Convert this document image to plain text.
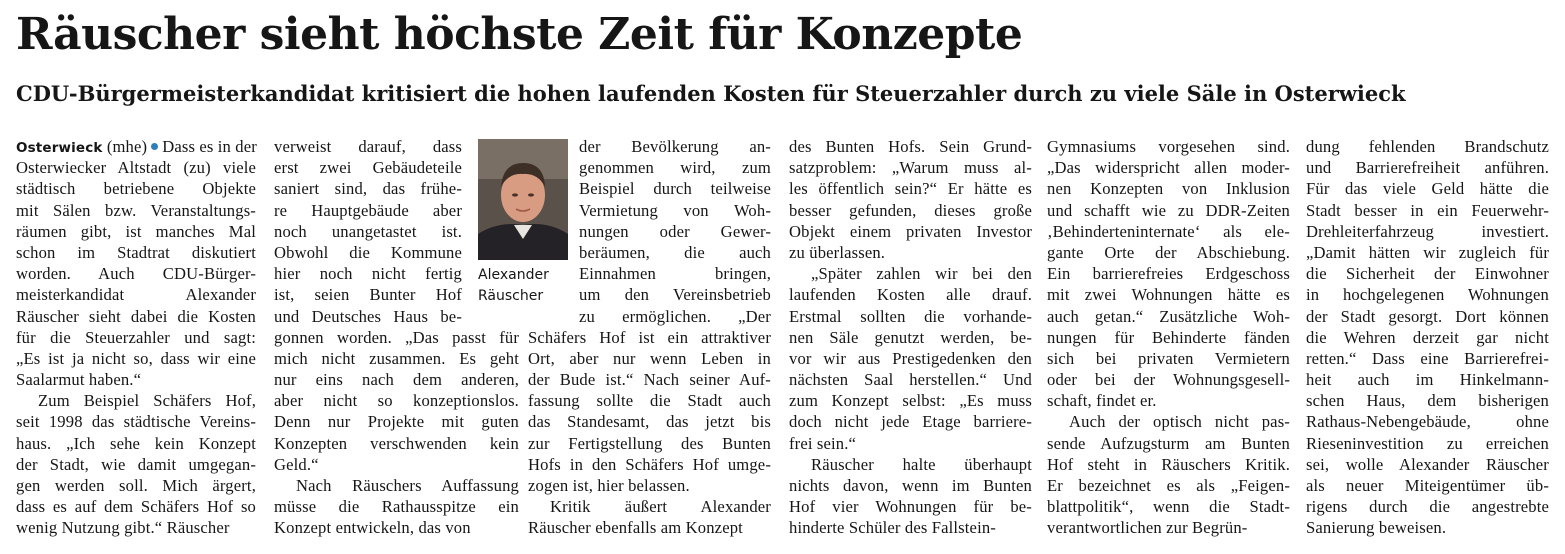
Räuscher sieht höchste Zeit für Konzepte
CDU-Bürgermeisterkandidat kritisiert die hohen laufenden Kosten für Steuerzahler durch zu viele Säle in Osterwieck
Osterwieck (mhe) Dass es in der
Osterwiecker Altstadt (zu) viele
städtisch betriebene Objekte
mit Sälen bzw. Veranstaltungs-
räumen gibt, ist manches Mal
schon im Stadtrat diskutiert
worden. Auch CDU-Bürger-
meisterkandidat Alexander
Räuscher sieht dabei die Kosten
für die Steuerzahler und sagt:
„Es ist ja nicht so, dass wir eine
Saalarmut haben.“
Zum Beispiel Schäfers Hof,
seit 1998 das städtische Vereins-
haus. „Ich sehe kein Konzept
der Stadt, wie damit umgegan-
gen werden soll. Mich ärgert,
dass es auf dem Schäfers Hof so
wenig Nutzung gibt.“ Räuscher
verweist darauf, dass
erst zwei Gebäudeteile
saniert sind, das frühe-
re Hauptgebäude aber
noch unangetastet ist.
Obwohl die Kommune
hier noch nicht fertig
ist, seien Bunter Hof
und Deutsches Haus be-
gonnen worden. „Das passt für
mich nicht zusammen. Es geht
nur eins nach dem anderen,
aber nicht so konzeptionslos.
Denn nur Projekte mit guten
Konzepten verschwenden kein
Geld.“
Nach Räuschers Auffassung
müsse die Rathausspitze ein
Konzept entwickeln, das von
Alexander
Räuscher
der Bevölkerung an-
genommen wird, zum
Beispiel durch teilweise
Vermietung von Woh-
nungen oder Gewer-
beräumen, die auch
Einnahmen bringen,
um den Vereinsbetrieb
zu ermöglichen. „Der
Schäfers Hof ist ein attraktiver
Ort, aber nur wenn Leben in
der Bude ist.“ Nach seiner Auf-
fassung sollte die Stadt auch
das Standesamt, das jetzt bis
zur Fertigstellung des Bunten
Hofs in den Schäfers Hof umge-
zogen ist, hier belassen.
Kritik äußert Alexander
Räuscher ebenfalls am Konzept
des Bunten Hofs. Sein Grund-
satzproblem: „Warum muss al-
les öffentlich sein?“ Er hätte es
besser gefunden, dieses große
Objekt einem privaten Investor
zu überlassen.
„Später zahlen wir bei den
laufenden Kosten alle drauf.
Erstmal sollten die vorhande-
nen Säle genutzt werden, be-
vor wir aus Prestigedenken den
nächsten Saal herstellen.“ Und
zum Konzept selbst: „Es muss
doch nicht jede Etage barriere-
frei sein.“
Räuscher halte überhaupt
nichts davon, wenn im Bunten
Hof vier Wohnungen für be-
hinderte Schüler des Fallstein-
Gymnasiums vorgesehen sind.
„Das widerspricht allen moder-
nen Konzepten von Inklusion
und schafft wie zu DDR-Zeiten
‚Behinderteninternate‘ als ele-
gante Orte der Abschiebung.
Ein barrierefreies Erdgeschoss
mit zwei Wohnungen hätte es
auch getan.“ Zusätzliche Woh-
nungen für Behinderte fänden
sich bei privaten Vermietern
oder bei der Wohnungsgesell-
schaft, findet er.
Auch der optisch nicht pas-
sende Aufzugsturm am Bunten
Hof steht in Räuschers Kritik.
Er bezeichnet es als „Feigen-
blattpolitik“, wenn die Stadt-
verantwortlichen zur Begrün-
dung fehlenden Brandschutz
und Barrierefreiheit anführen.
Für das viele Geld hätte die
Stadt besser in ein Feuerwehr-
Drehleiterfahrzeug investiert.
„Damit hätten wir zugleich für
die Sicherheit der Einwohner
in hochgelegenen Wohnungen
der Stadt gesorgt. Dort können
die Wehren derzeit gar nicht
retten.“ Dass eine Barrierefrei-
heit auch im Hinkelmann-
schen Haus, dem bisherigen
Rathaus-Nebengebäude, ohne
Rieseninvestition zu erreichen
sei, wolle Alexander Räuscher
als neuer Miteigentümer üb-
rigens durch die angestrebte
Sanierung beweisen.
